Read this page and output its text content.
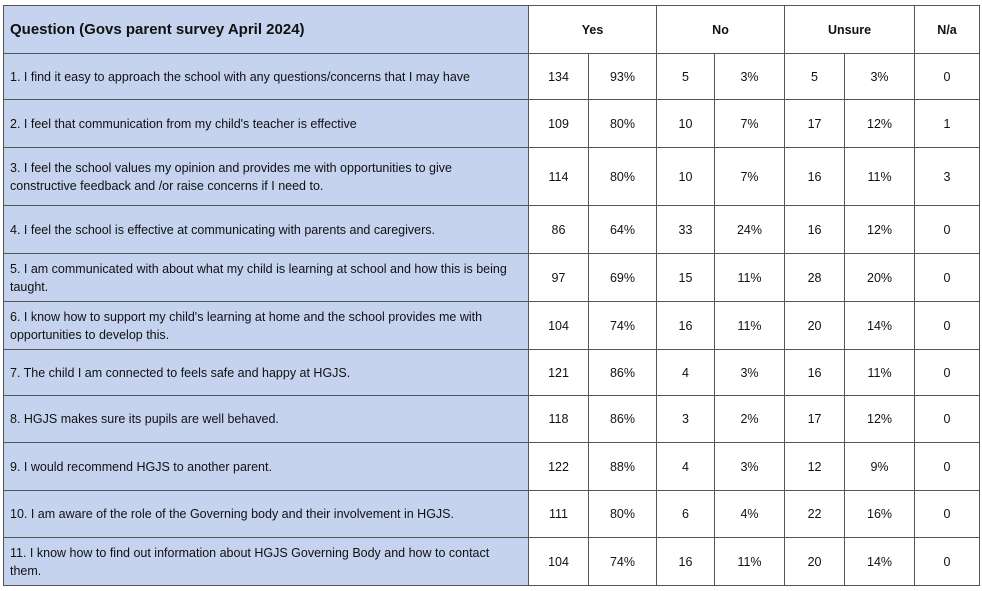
Question (Govs parent survey April 2024)	Yes		No		Unsure		N/a
1. I find it easy to approach the school with any questions/concerns that I may have	134	93%	5	3%	5	3%	0
2. I feel that communication from my child's teacher is effective	109	80%	10	7%	17	12%	1
3. I feel the school values my opinion and provides me with opportunities to give constructive feedback and /or raise concerns if I need to.	114	80%	10	7%	16	11%	3
4. I feel the school is effective at communicating with parents and caregivers.	86	64%	33	24%	16	12%	0
5. I am communicated with about what my child is learning at school and how this is being taught.	97	69%	15	11%	28	20%	0
6. I know how to support my child's learning at home and the school provides me with opportunities to develop this.	104	74%	16	11%	20	14%	0
7. The child I am connected to feels safe and happy at HGJS.	121	86%	4	3%	16	11%	0
8. HGJS makes sure its pupils are well behaved.	118	86%	3	2%	17	12%	0
9. I would recommend HGJS to another parent.	122	88%	4	3%	12	9%	0
10. I am aware of the role of the Governing body and their involvement in HGJS.	111	80%	6	4%	22	16%	0
11. I know how to find out information about HGJS Governing Body and how to contact them.	104	74%	16	11%	20	14%	0
